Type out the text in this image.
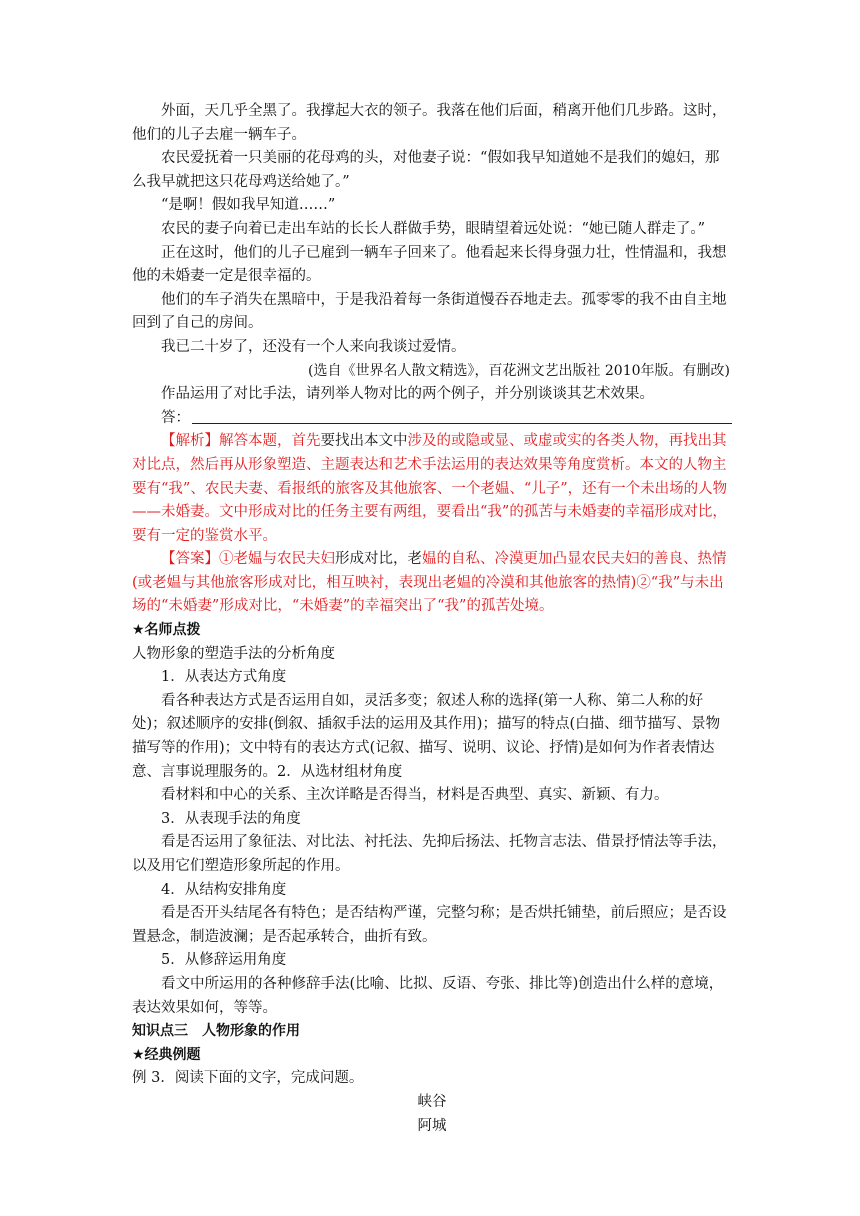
外面，天几乎全黑了。我撑起大衣的领子。我落在他们后面，稍离开他们几步路。这时，他们的儿子去雇一辆车子。

农民爱抚着一只美丽的花母鸡的头，对他妻子说：“假如我早知道她不是我们的媳妇，那么我早就把这只花母鸡送给她了。”

“是啊！假如我早知道……”

农民的妻子向着已走出车站的长长人群做手势，眼睛望着远处说：“她已随人群走了。”

正在这时，他们的儿子已雇到一辆车子回来了。他看起来长得身强力壮，性情温和，我想他的未婚妻一定是很幸福的。

他们的车子消失在黑暗中，于是我沿着每一条街道慢吞吞地走去。孤零零的我不由自主地回到了自己的房间。

我已二十岁了，还没有一个人来向我谈过爱情。

(选自《世界名人散文精选》，百花洲文艺出版社 2010年版。有删改)

作品运用了对比手法，请列举人物对比的两个例子，并分别谈谈其艺术效果。

答：

【解析】解答本题，首先要找出本文中涉及的或隐或显、或虚或实的各类人物，再找出其对比点，然后再从形象塑造、主题表达和艺术手法运用的表达效果等角度赏析。本文的人物主要有“我”、农民夫妻、看报纸的旅客及其他旅客、一个老媪、“儿子”，还有一个未出场的人物——未婚妻。文中形成对比的任务主要有两组，要看出“我”的孤苦与未婚妻的幸福形成对比，要有一定的鉴赏水平。

【答案】①老媪与农民夫妇形成对比，老媪的自私、冷漠更加凸显农民夫妇的善良、热情(或老媪与其他旅客形成对比，相互映衬，表现出老媪的冷漠和其他旅客的热情)②“我”与未出场的“未婚妻”形成对比，“未婚妻”的幸福突出了“我”的孤苦处境。

★名师点拨

人物形象的塑造手法的分析角度

1．从表达方式角度

看各种表达方式是否运用自如，灵活多变；叙述人称的选择(第一人称、第二人称的好处)；叙述顺序的安排(倒叙、插叙手法的运用及其作用)；描写的特点(白描、细节描写、景物描写等的作用)；文中特有的表达方式(记叙、描写、说明、议论、抒情)是如何为作者表情达意、言事说理服务的。2．从选材组材角度

看材料和中心的关系、主次详略是否得当，材料是否典型、真实、新颖、有力。

3．从表现手法的角度

看是否运用了象征法、对比法、衬托法、先抑后扬法、托物言志法、借景抒情法等手法，以及用它们塑造形象所起的作用。

4．从结构安排角度

看是否开头结尾各有特色；是否结构严谨，完整匀称；是否烘托铺垫，前后照应；是否设置悬念，制造波澜；是否起承转合，曲折有致。

5．从修辞运用角度

看文中所运用的各种修辞手法(比喻、比拟、反语、夸张、排比等)创造出什么样的意境，表达效果如何，等等。

知识点三　人物形象的作用

★经典例题

例 3．阅读下面的文字，完成问题。

峡谷

阿城
